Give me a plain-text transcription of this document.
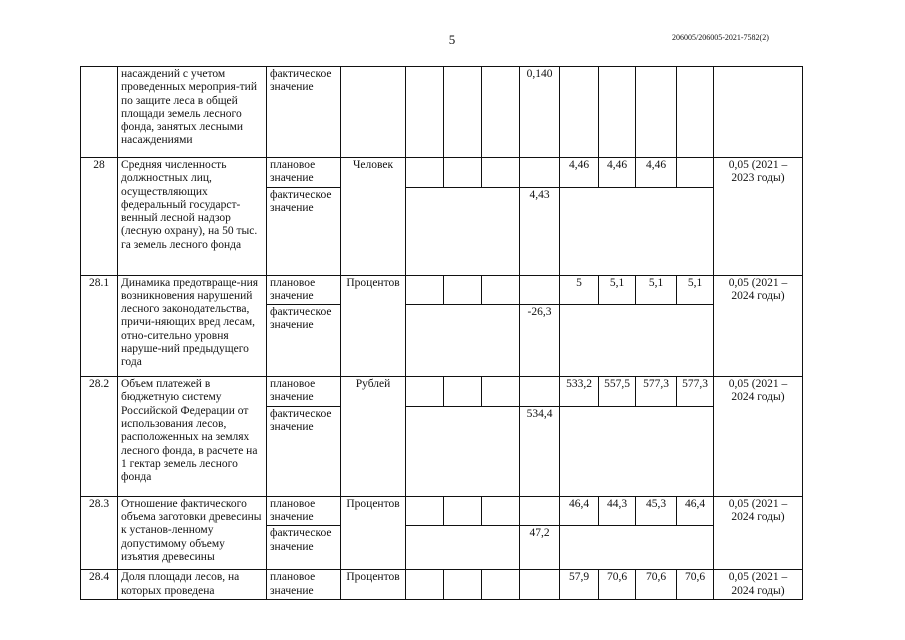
5	206005/206005-2021-7582(2)
	насаждений с учетом проведенных мероприя-тий по защите леса в общей площади земель лесного фонда, занятых лесными насаждениями	фактическое значение					0,140					
28	Средняя численность должностных лиц, осуществляющих федеральный государст-венный лесной надзор (лесную охрану), на 50 тыс. га земель лесного фонда	плановое значение	Человек					4,46	4,46	4,46		0,05 (2021 – 2023 годы)
		фактическое значение					4,43					
28.1	Динамика предотвраще-ния возникновения нарушений лесного законодательства, причи-няющих вред лесам, отно-сительно уровня наруше-ний предыдущего года	плановое значение	Процентов					5	5,1	5,1	5,1	0,05 (2021 – 2024 годы)
		фактическое значение					-26,3					
28.2	Объем платежей в бюджетную систему Российской Федерации от использования лесов, расположенных на землях лесного фонда, в расчете на 1 гектар земель лесного фонда	плановое значение	Рублей					533,2	557,5	577,3	577,3	0,05 (2021 – 2024 годы)
		фактическое значение					534,4					
28.3	Отношение фактического объема заготовки древесины к установ-ленному допустимому объему изъятия древесины	плановое значение	Процентов					46,4	44,3	45,3	46,4	0,05 (2021 – 2024 годы)
		фактическое значение					47,2					
28.4	Доля площади лесов, на которых проведена	плановое значение	Процентов					57,9	70,6	70,6	70,6	0,05 (2021 – 2024 годы)
